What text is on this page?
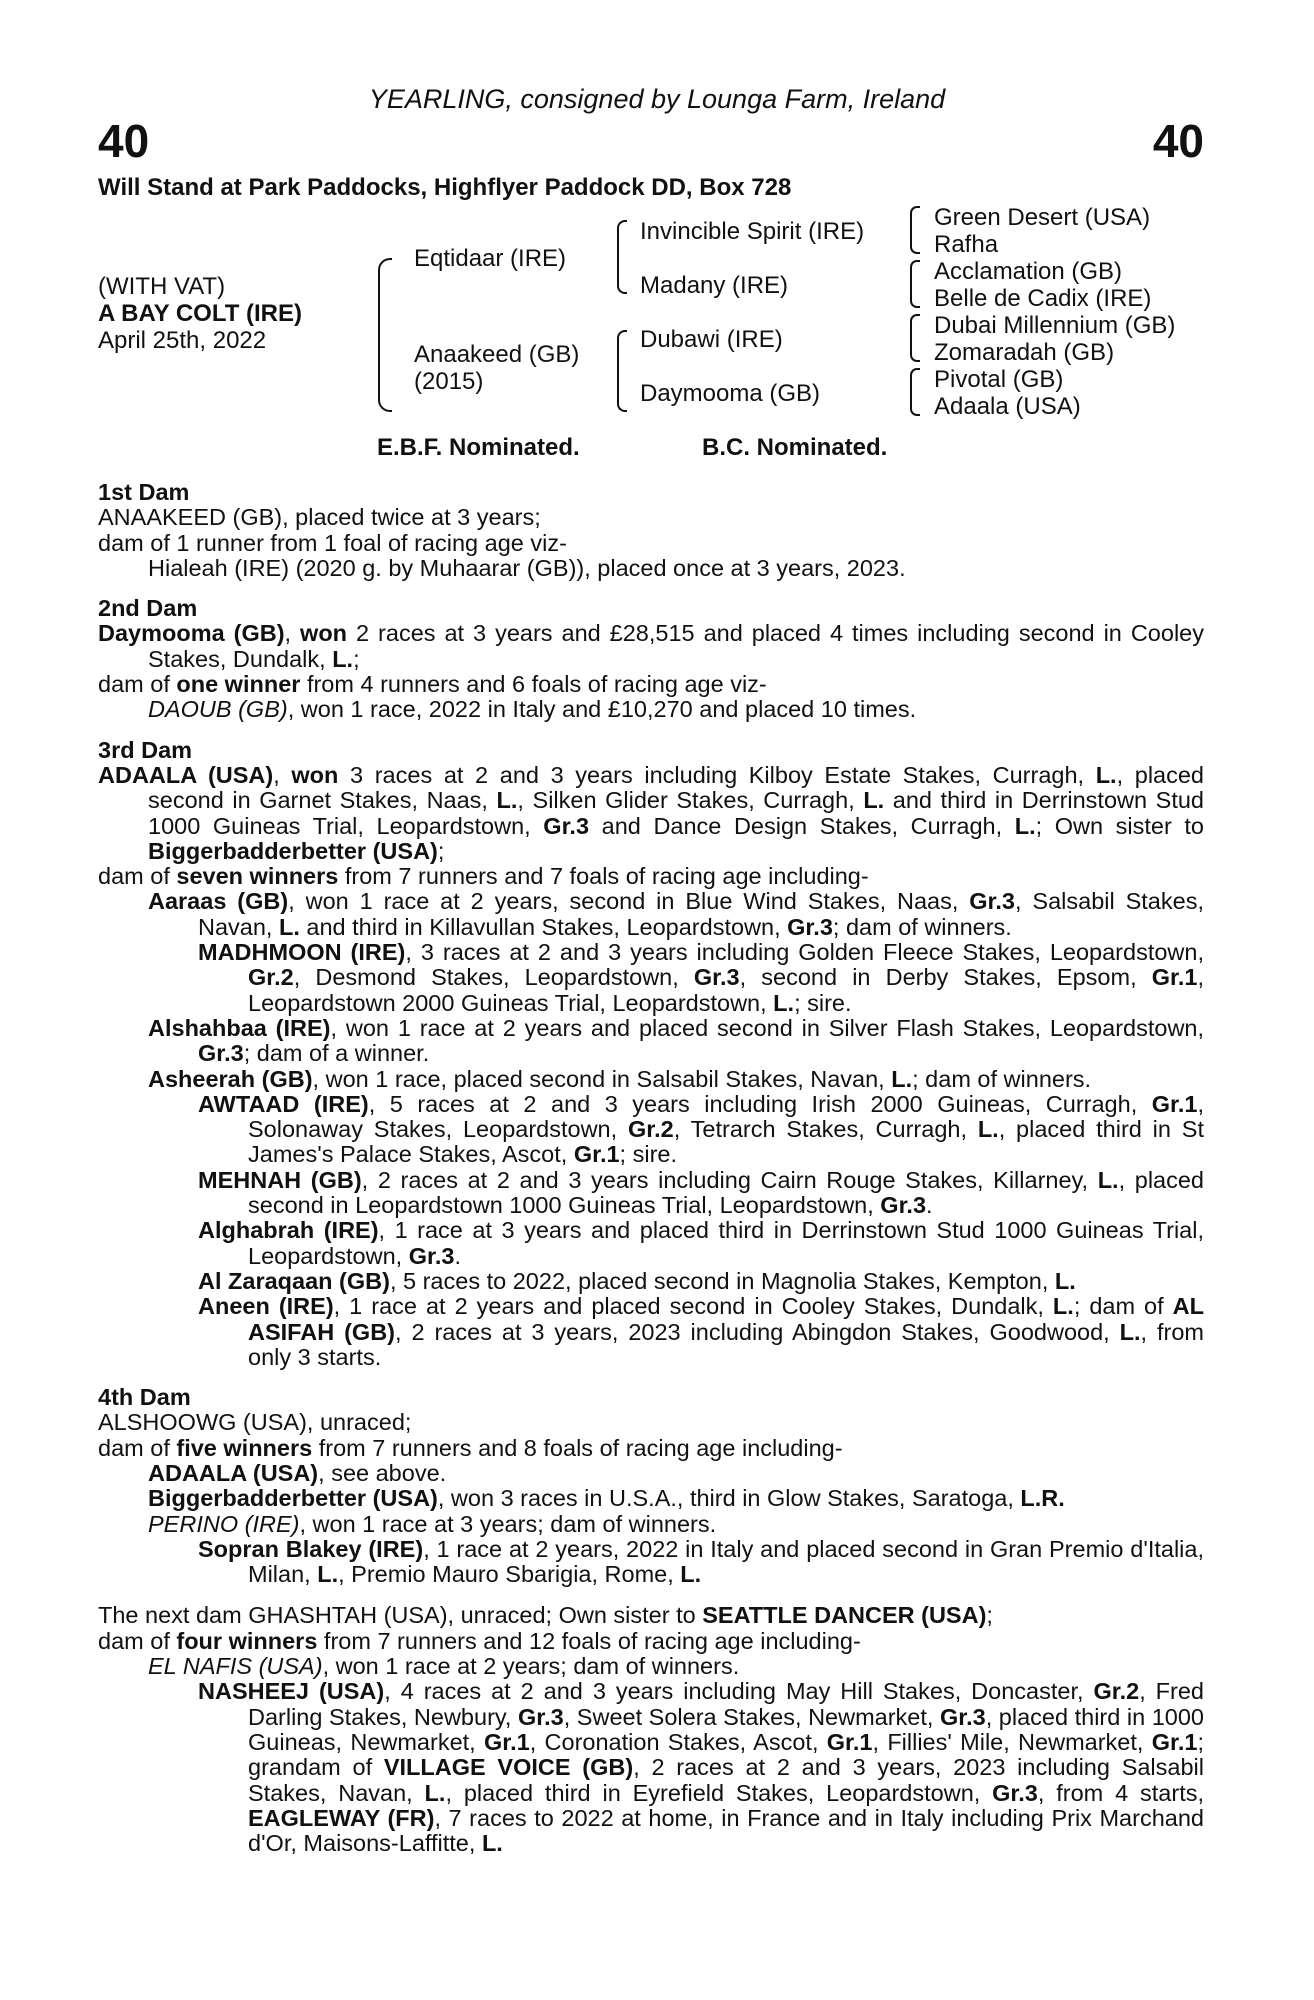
YEARLING, consigned by Lounga Farm, Ireland
40	40
Will Stand at Park Paddocks, Highflyer Paddock DD, Box 728
(WITH VAT)
A BAY COLT (IRE)
April 25th, 2022
Eqtidaar (IRE)
Anaakeed (GB)
(2015)
Invincible Spirit (IRE)
Madany (IRE)
Dubawi (IRE)
Daymooma (GB)
Green Desert (USA)
Rafha
Acclamation (GB)
Belle de Cadix (IRE)
Dubai Millennium (GB)
Zomaradah (GB)
Pivotal (GB)
Adaala (USA)
E.B.F. Nominated.	B.C. Nominated.

1st Dam

ANAAKEED (GB), placed twice at 3 years;

dam of 1 runner from 1 foal of racing age viz-

Hialeah (IRE) (2020 g. by Muhaarar (GB)), placed once at 3 years, 2023.

2nd Dam

Daymooma (GB), won 2 races at 3 years and £28,515 and placed 4 times including second in Cooley Stakes, Dundalk, L.;

dam of one winner from 4 runners and 6 foals of racing age viz-

DAOUB (GB), won 1 race, 2022 in Italy and £10,270 and placed 10 times.

3rd Dam

ADAALA (USA), won 3 races at 2 and 3 years including Kilboy Estate Stakes, Curragh, L., placed second in Garnet Stakes, Naas, L., Silken Glider Stakes, Curragh, L. and third in Derrinstown Stud 1000 Guineas Trial, Leopardstown, Gr.3 and Dance Design Stakes, Curragh, L.; Own sister to Biggerbadderbetter (USA);

dam of seven winners from 7 runners and 7 foals of racing age including-

Aaraas (GB), won 1 race at 2 years, second in Blue Wind Stakes, Naas, Gr.3, Salsabil Stakes, Navan, L. and third in Killavullan Stakes, Leopardstown, Gr.3; dam of winners.

MADHMOON (IRE), 3 races at 2 and 3 years including Golden Fleece Stakes, Leopardstown, Gr.2, Desmond Stakes, Leopardstown, Gr.3, second in Derby Stakes, Epsom, Gr.1, Leopardstown 2000 Guineas Trial, Leopardstown, L.; sire.

Alshahbaa (IRE), won 1 race at 2 years and placed second in Silver Flash Stakes, Leopardstown, Gr.3; dam of a winner.

Asheerah (GB), won 1 race, placed second in Salsabil Stakes, Navan, L.; dam of winners.

AWTAAD (IRE), 5 races at 2 and 3 years including Irish 2000 Guineas, Curragh, Gr.1, Solonaway Stakes, Leopardstown, Gr.2, Tetrarch Stakes, Curragh, L., placed third in St James's Palace Stakes, Ascot, Gr.1; sire.

MEHNAH (GB), 2 races at 2 and 3 years including Cairn Rouge Stakes, Killarney, L., placed second in Leopardstown 1000 Guineas Trial, Leopardstown, Gr.3.

Alghabrah (IRE), 1 race at 3 years and placed third in Derrinstown Stud 1000 Guineas Trial, Leopardstown, Gr.3.

Al Zaraqaan (GB), 5 races to 2022, placed second in Magnolia Stakes, Kempton, L.

Aneen (IRE), 1 race at 2 years and placed second in Cooley Stakes, Dundalk, L.; dam of AL ASIFAH (GB), 2 races at 3 years, 2023 including Abingdon Stakes, Goodwood, L., from only 3 starts.

4th Dam

ALSHOOWG (USA), unraced;

dam of five winners from 7 runners and 8 foals of racing age including-

ADAALA (USA), see above.

Biggerbadderbetter (USA), won 3 races in U.S.A., third in Glow Stakes, Saratoga, L.R.

PERINO (IRE), won 1 race at 3 years; dam of winners.

Sopran Blakey (IRE), 1 race at 2 years, 2022 in Italy and placed second in Gran Premio d'Italia, Milan, L., Premio Mauro Sbarigia, Rome, L.

The next dam GHASHTAH (USA), unraced; Own sister to SEATTLE DANCER (USA);

dam of four winners from 7 runners and 12 foals of racing age including-

EL NAFIS (USA), won 1 race at 2 years; dam of winners.

NASHEEJ (USA), 4 races at 2 and 3 years including May Hill Stakes, Doncaster, Gr.2, Fred Darling Stakes, Newbury, Gr.3, Sweet Solera Stakes, Newmarket, Gr.3, placed third in 1000 Guineas, Newmarket, Gr.1, Coronation Stakes, Ascot, Gr.1, Fillies' Mile, Newmarket, Gr.1; grandam of VILLAGE VOICE (GB), 2 races at 2 and 3 years, 2023 including Salsabil Stakes, Navan, L., placed third in Eyrefield Stakes, Leopardstown, Gr.3, from 4 starts, EAGLEWAY (FR), 7 races to 2022 at home, in France and in Italy including Prix Marchand d'Or, Maisons-Laffitte, L.
